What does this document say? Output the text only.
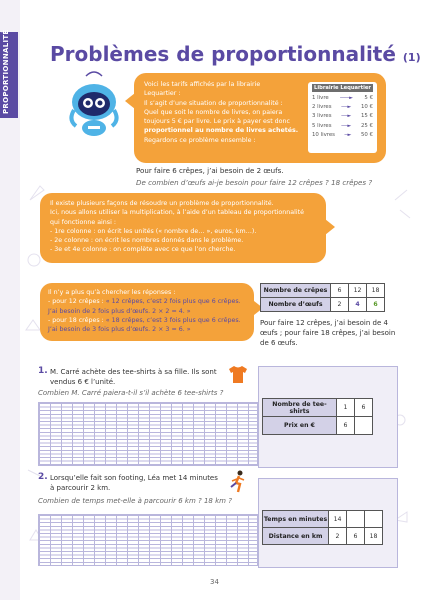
PROPORTIONNALITÉ	Problèmes de proportionnalité (1)
Voici les tarifs affichés par la librairie
Lequartier :
Il s’agit d’une situation de proportionnalité :
Quel que soit le nombre de livres, on paiera
toujours 5 € par livre. Le prix à payer est donc
proportionnel au nombre de livres achetés.
Regardons ce problème ensemble :
Librairie Lequartier
1 livre ───► 5 €
2 livres ──► 10 €
3 livres ──► 15 €
5 livres ──► 25 €
10 livres ─► 50 €
Pour faire 6 crêpes, j’ai besoin de 2 œufs.
De combien d’œufs ai-je besoin pour faire 12 crêpes ? 18 crêpes ?
Il existe plusieurs façons de résoudre un problème de proportionnalité.
Ici, nous allons utiliser la multiplication, à l’aide d’un tableau de proportionnalité
qui fonctionne ainsi :
- 1re colonne : on écrit les unités (« nombre de… », euros, km…).
- 2e colonne : on écrit les nombres donnés dans le problème.
- 3e et 4e colonne : on complète avec ce que l’on cherche.
Il n’y a plus qu’à chercher les réponses :
- pour 12 crêpes : « 12 crêpes, c’est 2 fois plus que 6 crêpes.
J’ai besoin de 2 fois plus d’œufs. 2 × 2 = 4. »
- pour 18 crêpes : « 18 crêpes, c’est 3 fois plus que 6 crêpes.
J’ai besoin de 3 fois plus d’œufs. 2 × 3 = 6. »
Nombre de crêpes	6	12	18
Nombre d’œufs	2	4	6
Pour faire 12 crêpes, j’ai besoin de 4 œufs ; pour faire 18 crêpes, j’ai besoin de 6 œufs.
1. M. Carré achète des tee-shirts à sa fille. Ils sont vendus 6 € l’unité.
Combien M. Carré paiera-t-il s’il achète 6 tee-shirts ?
Nombre de tee-shirts	1	6
Prix en €	6	
2. Lorsqu’elle fait son footing, Léa met 14 minutes à parcourir 2 km.
Combien de temps met-elle à parcourir 6 km ? 18 km ?
Temps en minutes	14		
Distance en km	2	6	18
34
